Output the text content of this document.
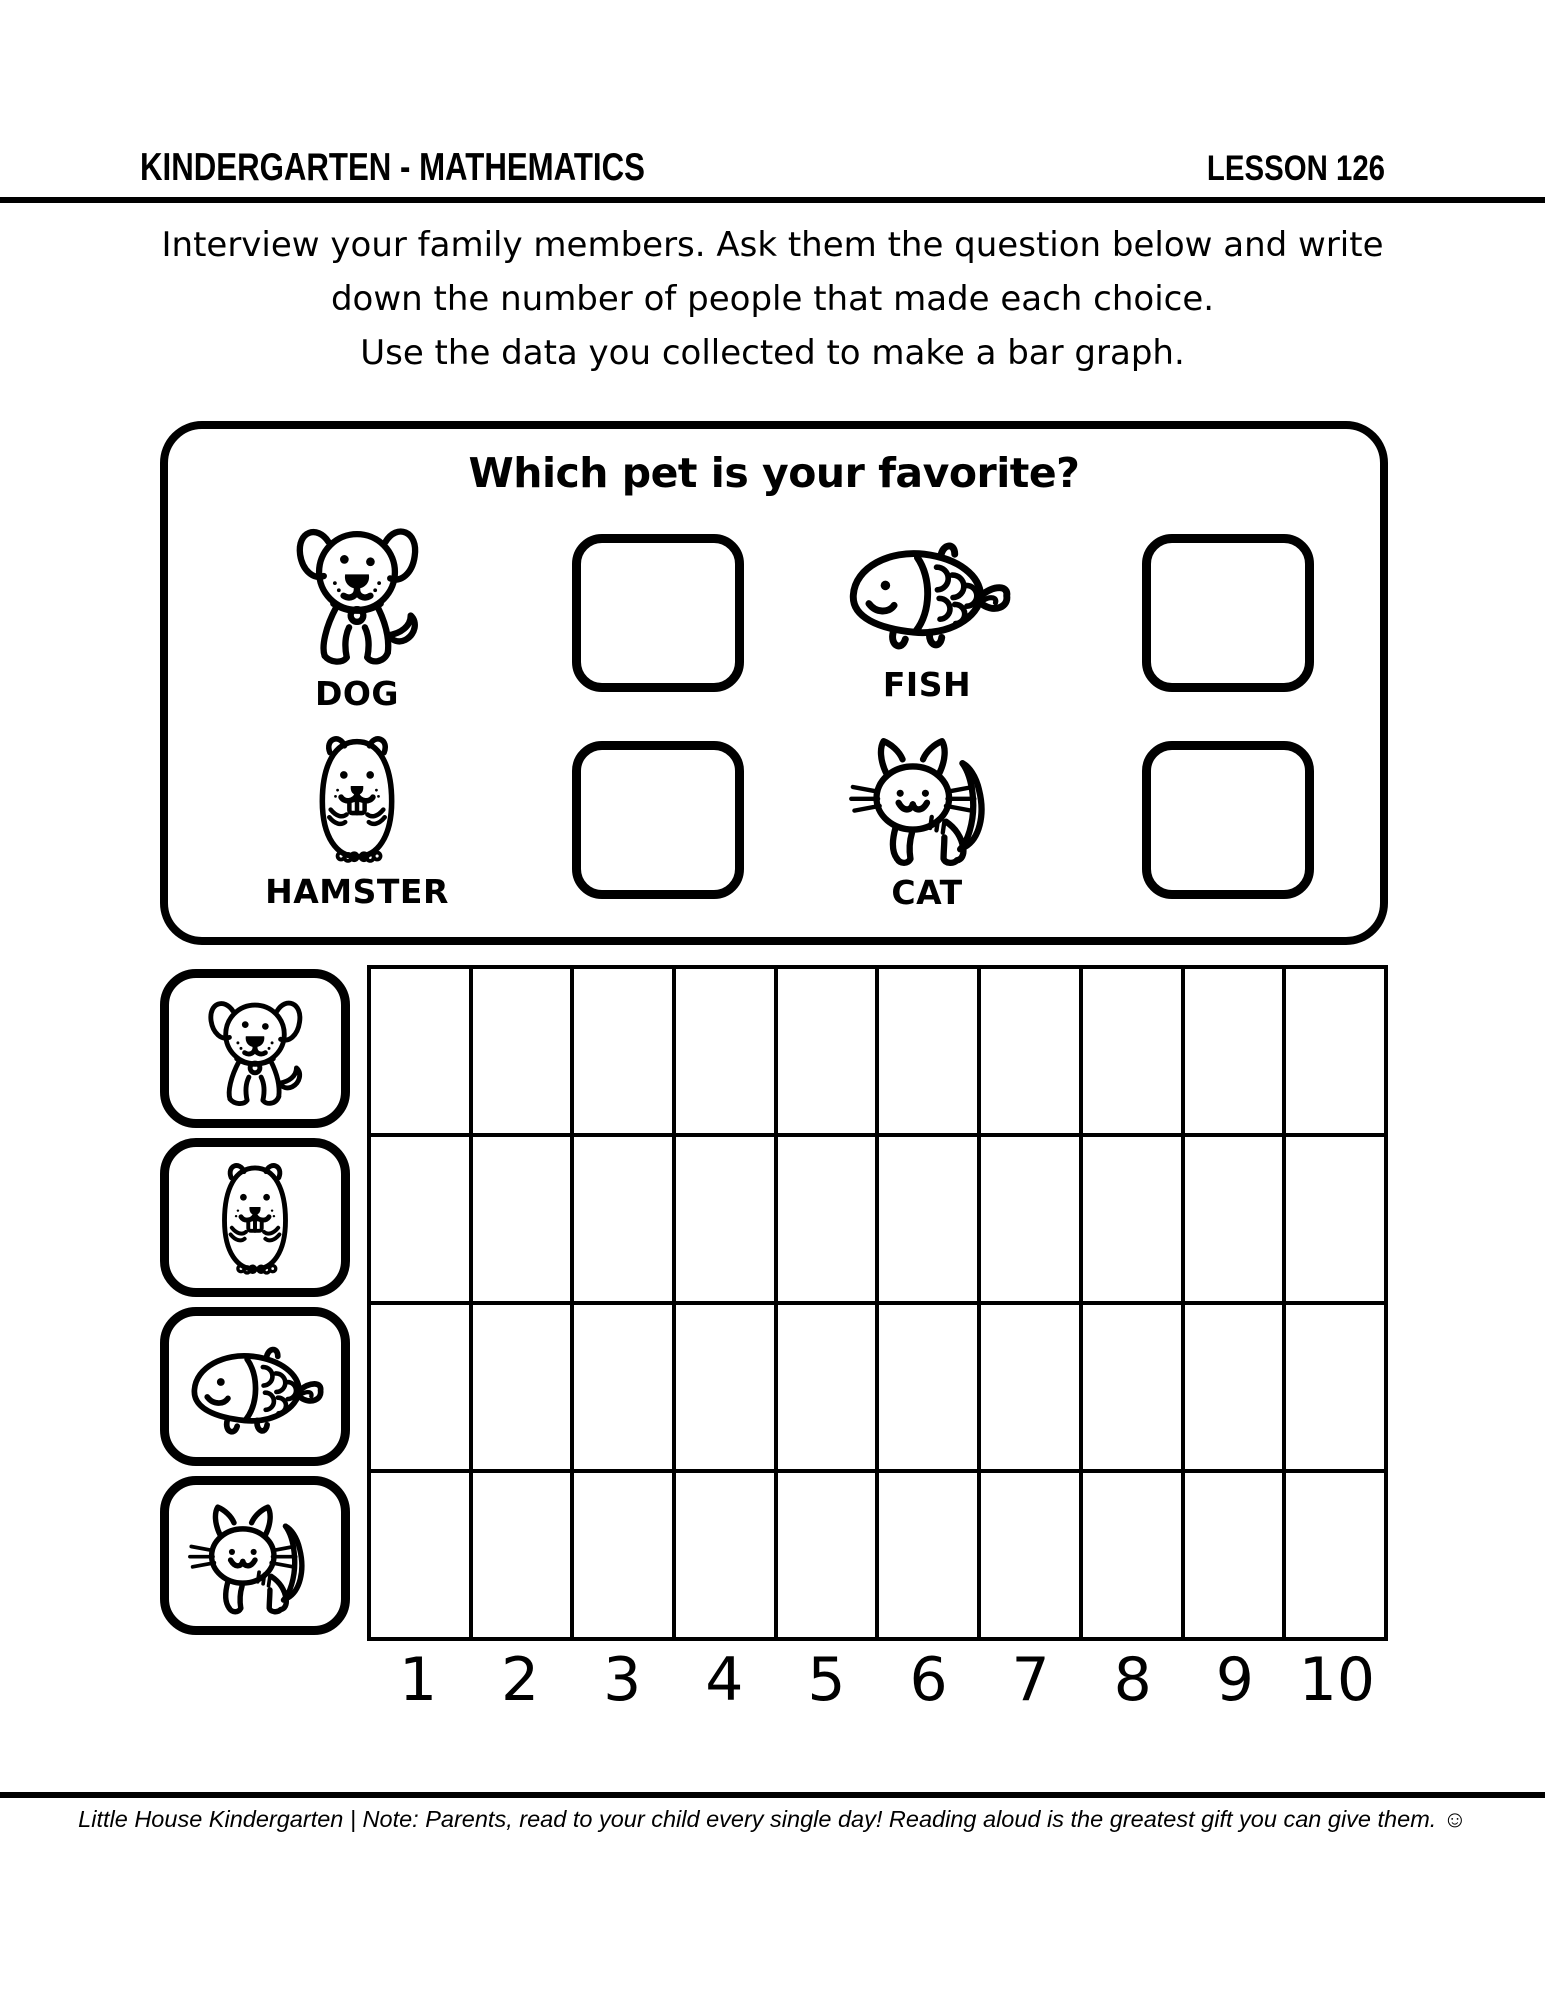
KINDERGARTEN - MATHEMATICS	LESSON 126
Interview your family members. Ask them the question below and write
down the number of people that made each choice.
Use the data you collected to make a bar graph.
Which pet is your favorite?
DOG	FISH
HAMSTER	CAT
1 2 3 4 5 6 7 8 9 10
Little House Kindergarten | Note: Parents, read to your child every single day! Reading aloud is the greatest gift you can give them. ☺
